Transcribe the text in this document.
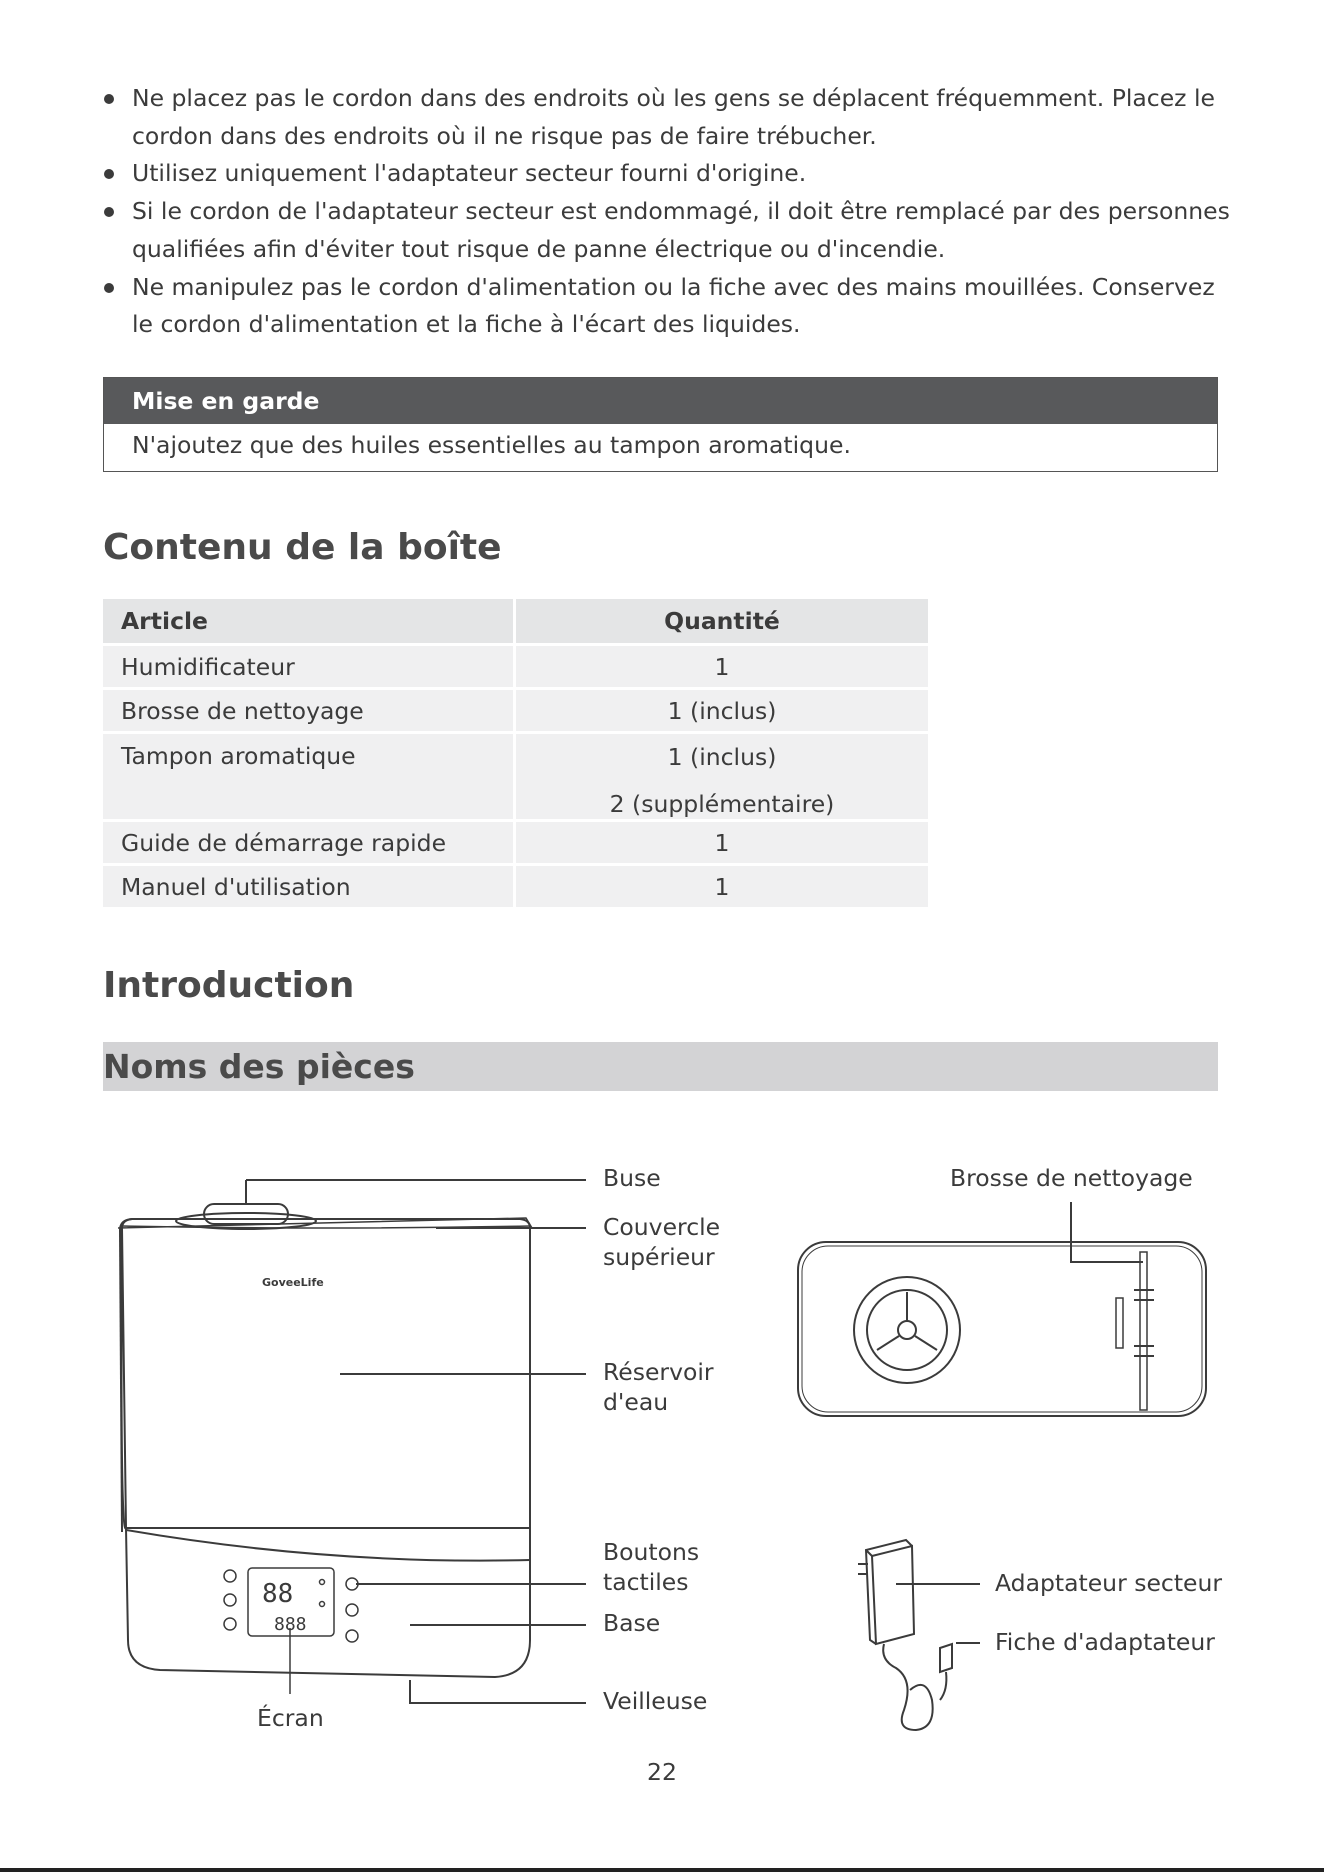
Ne placez pas le cordon dans des endroits où les gens se déplacent fréquemment. Placez le cordon dans des endroits où il ne risque pas de faire trébucher.
Utilisez uniquement l'adaptateur secteur fourni d'origine.
Si le cordon de l'adaptateur secteur est endommagé, il doit être remplacé par des personnes qualifiées afin d'éviter tout risque de panne électrique ou d'incendie.
Ne manipulez pas le cordon d'alimentation ou la fiche avec des mains mouillées. Conservez le cordon d'alimentation et la fiche à l'écart des liquides.
Mise en garde
N'ajoutez que des huiles essentielles au tampon aromatique.
Contenu de la boîte
Article	Quantité
Humidificateur	1
Brosse de nettoyage	1 (inclus)
Tampon aromatique	1 (inclus)
2 (supplémentaire)

Guide de démarrage rapide	1
Manuel d'utilisation	1
Introduction
Noms des pièces
88
888
GoveeLife
Buse
Couvercle
supérieur
Réservoir
d'eau
Boutons
tactiles
Base
Veilleuse
Écran
Brosse de nettoyage
Adaptateur secteur
Fiche d'adaptateur
22
